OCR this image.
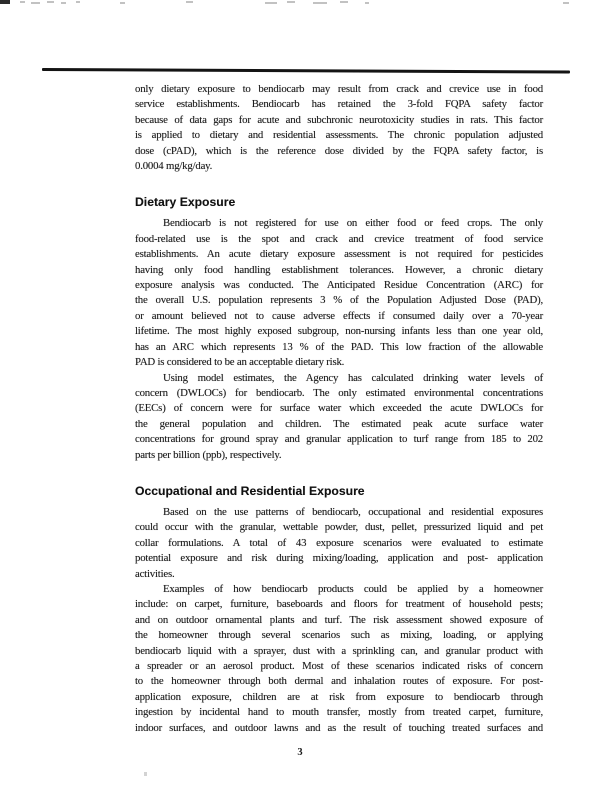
only dietary exposure to bendiocarb may result from crack and crevice use in food
service establishments. Bendiocarb has retained the 3-fold FQPA safety factor
because of data gaps for acute and subchronic neurotoxicity studies in rats. This factor
is applied to dietary and residential assessments. The chronic population adjusted
dose (cPAD), which is the reference dose divided by the FQPA safety factor, is
0.0004 mg/kg/day.
Dietary Exposure
Bendiocarb is not registered for use on either food or feed crops. The only
food-related use is the spot and crack and crevice treatment of food service
establishments. An acute dietary exposure assessment is not required for pesticides
having only food handling establishment tolerances. However, a chronic dietary
exposure analysis was conducted. The Anticipated Residue Concentration (ARC) for
the overall U.S. population represents 3 % of the Population Adjusted Dose (PAD),
or amount believed not to cause adverse effects if consumed daily over a 70-year
lifetime. The most highly exposed subgroup, non-nursing infants less than one year old,
has an ARC which represents 13 % of the PAD. This low fraction of the allowable
PAD is considered to be an acceptable dietary risk.
Using model estimates, the Agency has calculated drinking water levels of
concern (DWLOCs) for bendiocarb. The only estimated environmental concentrations
(EECs) of concern were for surface water which exceeded the acute DWLOCs for
the general population and children. The estimated peak acute surface water
concentrations for ground spray and granular application to turf range from 185 to 202
parts per billion (ppb), respectively.
Occupational and Residential Exposure
Based on the use patterns of bendiocarb, occupational and residential exposures
could occur with the granular, wettable powder, dust, pellet, pressurized liquid and pet
collar formulations. A total of 43 exposure scenarios were evaluated to estimate
potential exposure and risk during mixing/loading, application and post- application
activities.
Examples of how bendiocarb products could be applied by a homeowner
include: on carpet, furniture, baseboards and floors for treatment of household pests;
and on outdoor ornamental plants and turf. The risk assessment showed exposure of
the homeowner through several scenarios such as mixing, loading, or applying
bendiocarb liquid with a sprayer, dust with a sprinkling can, and granular product with
a spreader or an aerosol product. Most of these scenarios indicated risks of concern
to the homeowner through both dermal and inhalation routes of exposure. For post-
application exposure, children are at risk from exposure to bendiocarb through
ingestion by incidental hand to mouth transfer, mostly from treated carpet, furniture,
indoor surfaces, and outdoor lawns and as the result of touching treated surfaces and
3
